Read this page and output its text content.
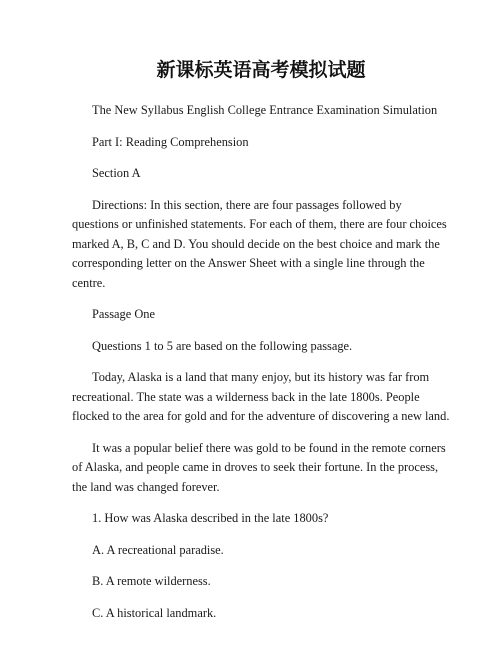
新课标英语高考模拟试题

The New Syllabus English College Entrance Examination Simulation

Part I: Reading Comprehension

Section A

Directions: In this section, there are four passages followed by questions or unfinished statements. For each of them, there are four choices marked A, B, C and D. You should decide on the best choice and mark the corresponding letter on the Answer Sheet with a single line through the centre.

Passage One

Questions 1 to 5 are based on the following passage.

Today, Alaska is a land that many enjoy, but its history was far from recreational. The state was a wilderness back in the late 1800s. People flocked to the area for gold and for the adventure of discovering a new land.

It was a popular belief there was gold to be found in the remote corners of Alaska, and people came in droves to seek their fortune. In the process, the land was changed forever.

1. How was Alaska described in the late 1800s?

A. A recreational paradise.

B. A remote wilderness.

C. A historical landmark.
